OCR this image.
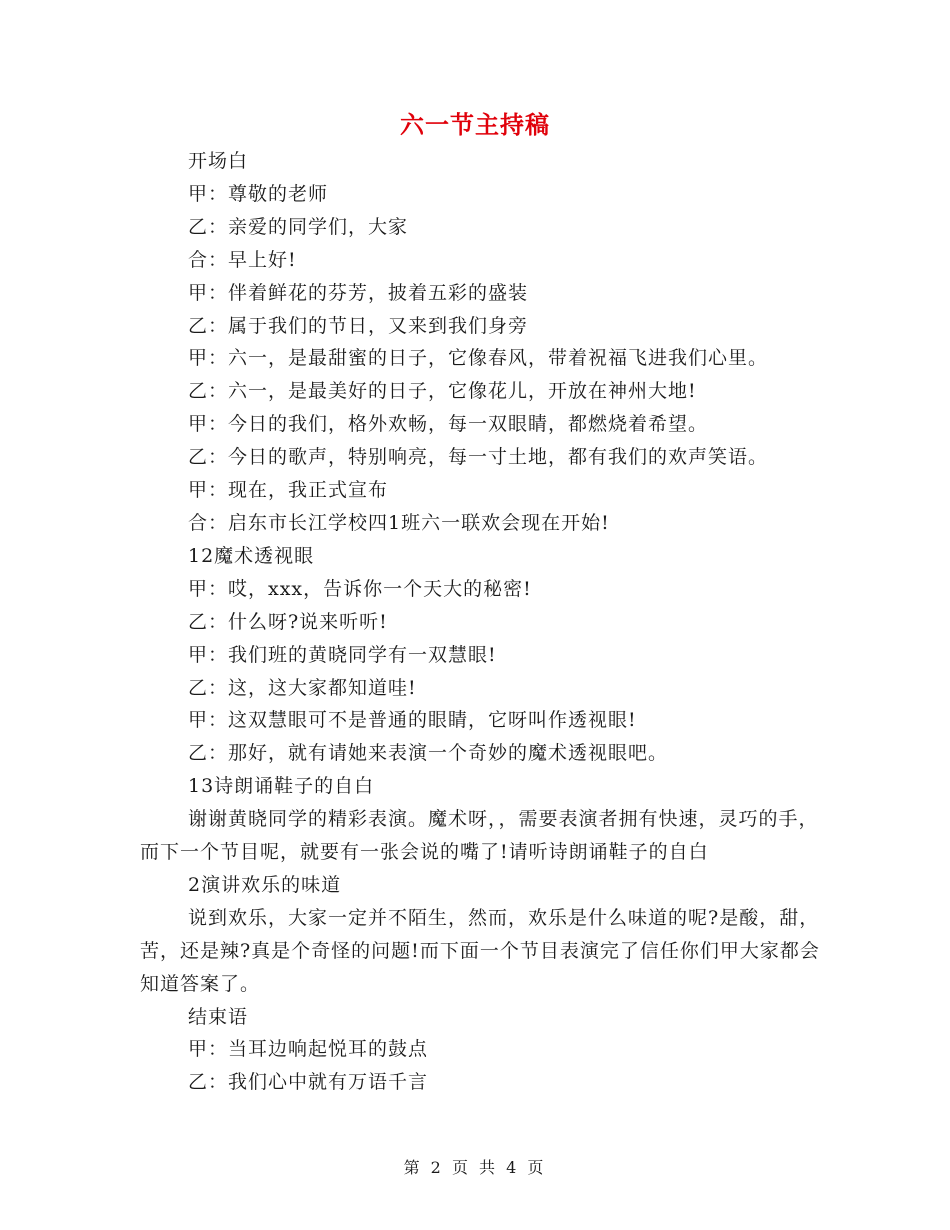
六一节主持稿

开场白

甲：尊敬的老师

乙：亲爱的同学们，大家

合：早上好!

甲：伴着鲜花的芬芳，披着五彩的盛装

乙：属于我们的节日，又来到我们身旁

甲：六一，是最甜蜜的日子，它像春风，带着祝福飞进我们心里。

乙：六一，是最美好的日子，它像花儿，开放在神州大地!

甲：今日的我们，格外欢畅，每一双眼睛，都燃烧着希望。

乙：今日的歌声，特别响亮，每一寸土地，都有我们的欢声笑语。

甲：现在，我正式宣布

合：启东市长江学校四1班六一联欢会现在开始!

12魔术透视眼

甲：哎，xxx，告诉你一个天大的秘密!

乙：什么呀?说来听听!

甲：我们班的黄晓同学有一双慧眼!

乙：这，这大家都知道哇!

甲：这双慧眼可不是普通的眼睛，它呀叫作透视眼!

乙：那好，就有请她来表演一个奇妙的魔术透视眼吧。

13诗朗诵鞋子的自白

谢谢黄晓同学的精彩表演。魔术呀，，需要表演者拥有快速，灵巧的手，而下一个节目呢，就要有一张会说的嘴了!请听诗朗诵鞋子的自白

2演讲欢乐的味道

说到欢乐，大家一定并不陌生，然而，欢乐是什么味道的呢?是酸，甜，苦，还是辣?真是个奇怪的问题!而下面一个节目表演完了信任你们甲大家都会知道答案了。

结束语

甲：当耳边响起悦耳的鼓点

乙：我们心中就有万语千言

第 2 页 共 4 页
